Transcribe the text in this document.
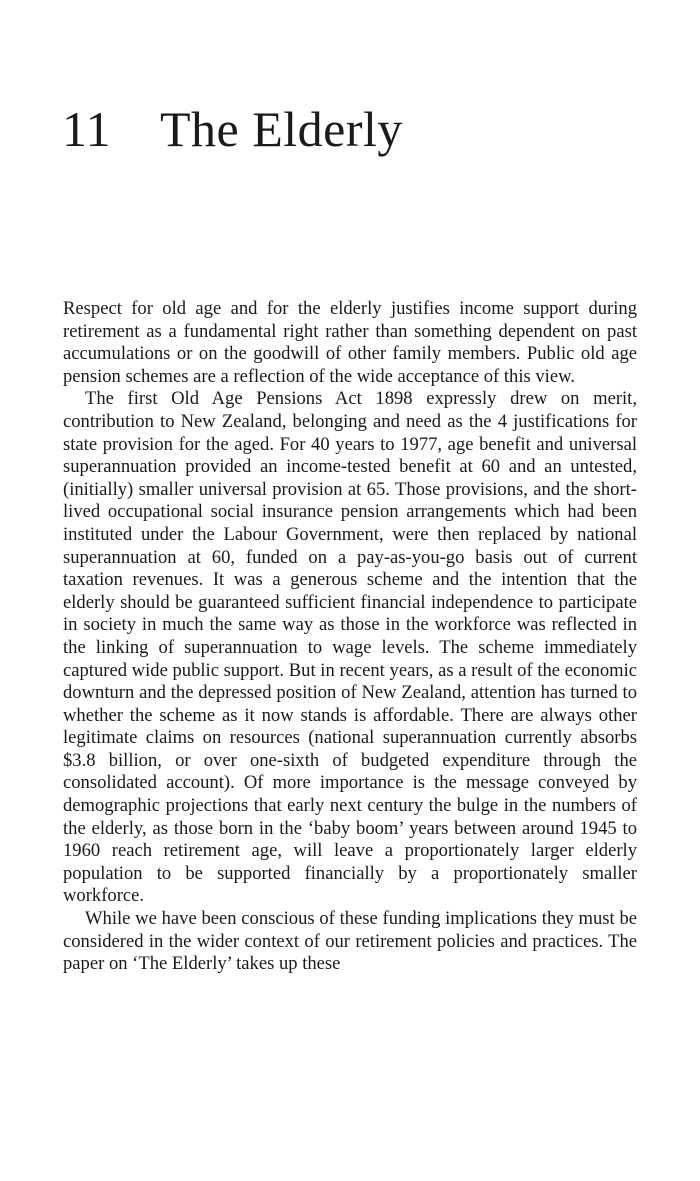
11 The Elderly

Respect for old age and for the elderly justifies income support during retirement as a fundamental right rather than something dependent on past accumulations or on the goodwill of other family members. Public old age pension schemes are a reflection of the wide acceptance of this view.

The first Old Age Pensions Act 1898 expressly drew on merit, contribution to New Zealand, belonging and need as the 4 justifications for state provision for the aged. For 40 years to 1977, age benefit and universal superannuation provided an income-tested benefit at 60 and an untested, (initially) smaller universal provision at 65. Those provisions, and the short-lived occupational social insurance pension arrangements which had been instituted under the Labour Government, were then replaced by national superannuation at 60, funded on a pay-as-you-go basis out of current taxation revenues. It was a generous scheme and the intention that the elderly should be guaranteed sufficient financial independence to participate in society in much the same way as those in the workforce was reflected in the linking of superannuation to wage levels. The scheme immediately captured wide public support. But in recent years, as a result of the economic downturn and the depressed position of New Zealand, attention has turned to whether the scheme as it now stands is affordable. There are always other legitimate claims on resources (national superannuation currently absorbs $3.8 billion, or over one-sixth of budgeted expenditure through the consolidated account). Of more importance is the message conveyed by demographic projections that early next century the bulge in the numbers of the elderly, as those born in the ‘baby boom’ years between around 1945 to 1960 reach retirement age, will leave a proportionately larger elderly population to be supported financially by a proportionately smaller workforce.

While we have been conscious of these funding implications they must be considered in the wider context of our retirement policies and practices. The paper on ‘The Elderly’ takes up these
